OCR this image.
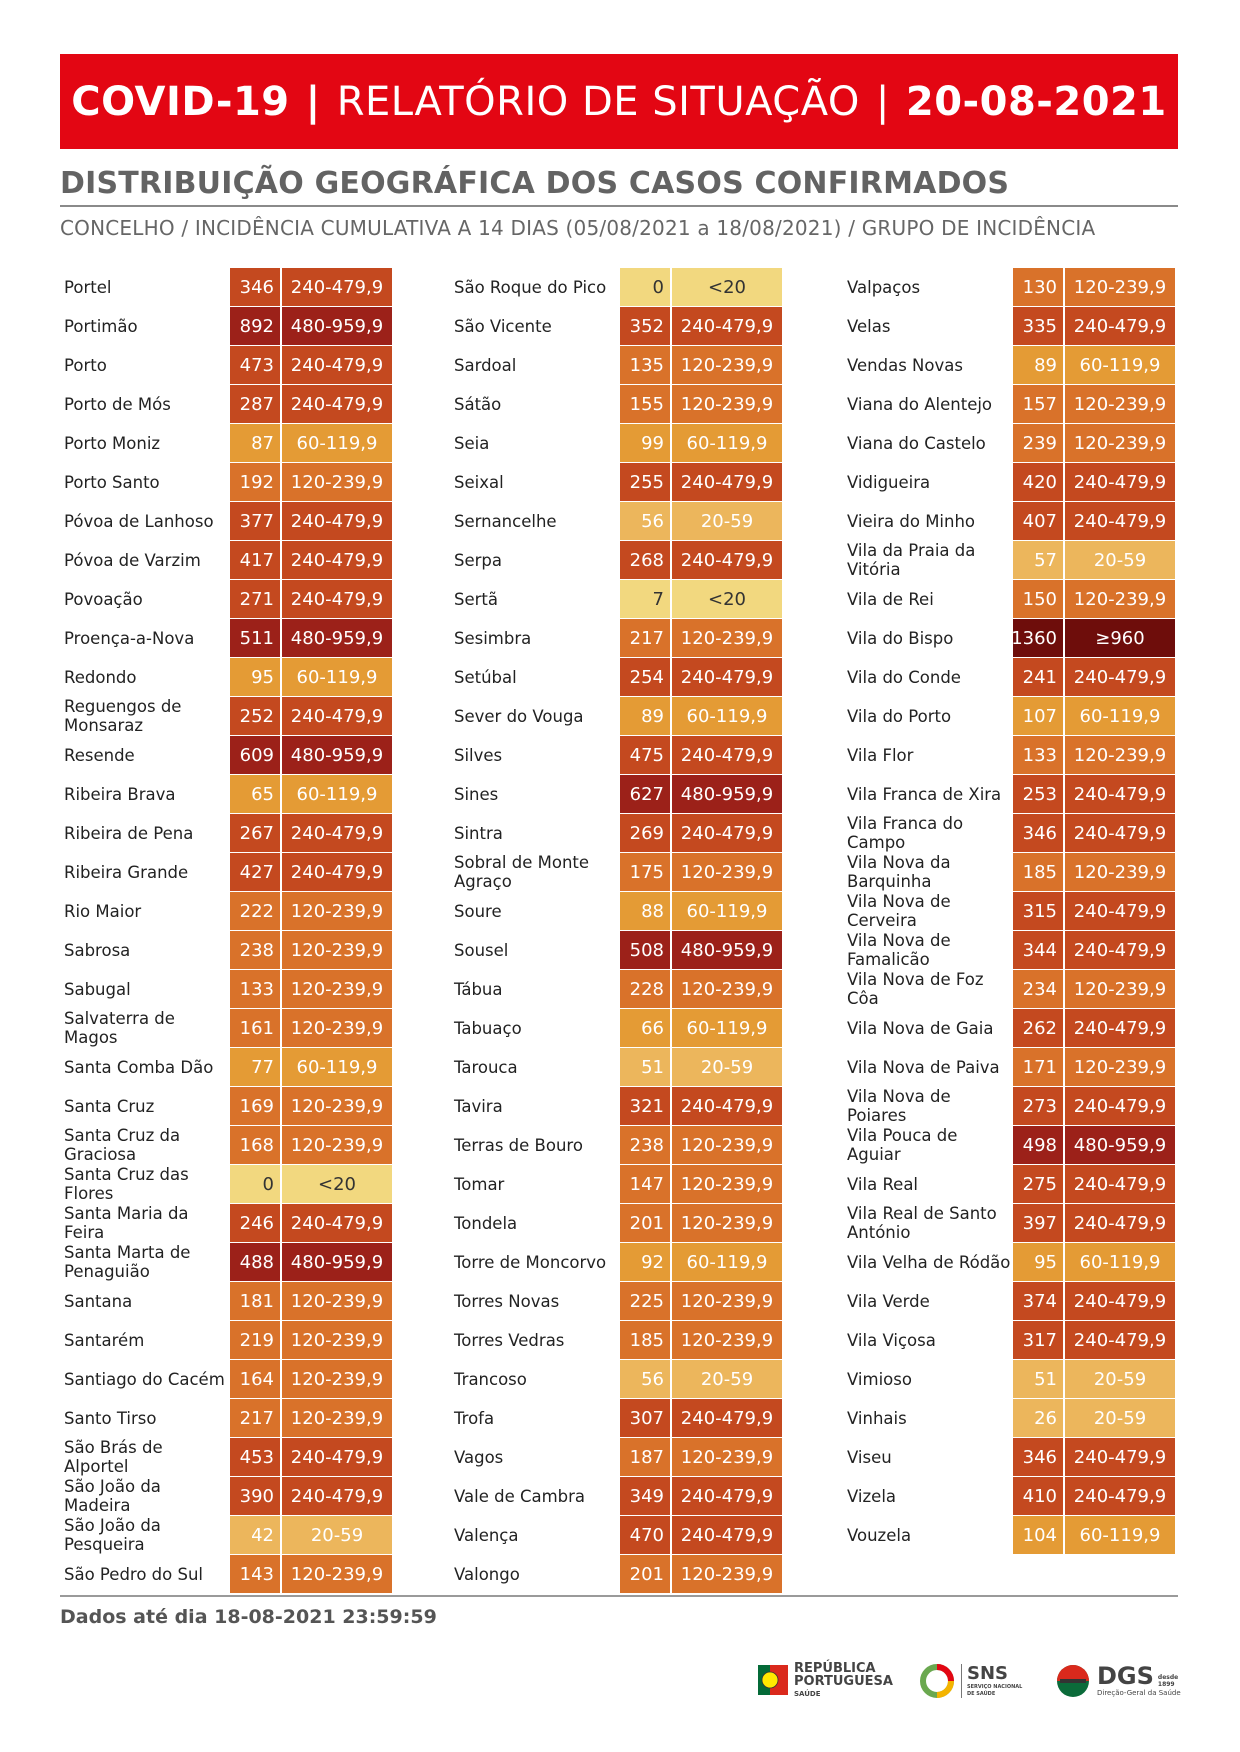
COVID-19 | RELATÓRIO DE SITUAÇÃO | 20-08-2021
DISTRIBUIÇÃO GEOGRÁFICA DOS CASOS CONFIRMADOS
CONCELHO / INCIDÊNCIA CUMULATIVA A 14 DIAS (05/08/2021 a 18/08/2021) / GRUPO DE INCIDÊNCIA
Portel	346 240-479,9
Portimão	892 480-959,9
Porto	473 240-479,9
Porto de Mós	287 240-479,9
Porto Moniz	87	60-119,9
Porto Santo	192 120-239,9
Póvoa de Lanhoso	377 240-479,9
Póvoa de Varzim	417 240-479,9
Povoação	271 240-479,9
Proença-a-Nova	511 480-959,9
Redondo	95	60-119,9
Reguengos de Monsaraz	252 240-479,9
Resende	609 480-959,9
Ribeira Brava	65	60-119,9
Ribeira de Pena	267 240-479,9
Ribeira Grande	427 240-479,9
Rio Maior	222 120-239,9
Sabrosa	238 120-239,9
Sabugal	133 120-239,9
Salvaterra de Magos	161 120-239,9
Santa Comba Dão	77	60-119,9
Santa Cruz	169 120-239,9
Santa Cruz da Graciosa	168 120-239,9
Santa Cruz das Flores	0	<20
Santa Maria da Feira	246 240-479,9
Santa Marta de Penaguião	488 480-959,9
Santana	181 120-239,9
Santarém	219 120-239,9
Santiago do Cacém 164 120-239,9
Santo Tirso	217 120-239,9
São Brás de Alportel	453 240-479,9
São João da Madeira	390 240-479,9
São João da Pesqueira	42	20-59
São Pedro do Sul	143 120-239,9
São Roque do Pico	0	<20
São Vicente	352 240-479,9
Sardoal	135 120-239,9
Sátão	155 120-239,9
Seia	99	60-119,9
Seixal	255 240-479,9
Sernancelhe	56	20-59
Serpa	268 240-479,9
Sertã	7	<20
Sesimbra	217 120-239,9
Setúbal	254 240-479,9
Sever do Vouga	89	60-119,9
Silves	475 240-479,9
Sines	627 480-959,9
Sintra	269 240-479,9
Sobral de Monte Agraço	175 120-239,9
Soure	88	60-119,9
Sousel	508 480-959,9
Tábua	228 120-239,9
Tabuaço	66	60-119,9
Tarouca	51	20-59
Tavira	321 240-479,9
Terras de Bouro	238 120-239,9
Tomar	147 120-239,9
Tondela	201 120-239,9
Torre de Moncorvo	92	60-119,9
Torres Novas	225 120-239,9
Torres Vedras	185 120-239,9
Trancoso	56	20-59
Trofa	307 240-479,9
Vagos	187 120-239,9
Vale de Cambra	349 240-479,9
Valença	470 240-479,9
Valongo	201 120-239,9
Valpaços	130 120-239,9
Velas	335 240-479,9
Vendas Novas	89	60-119,9
Viana do Alentejo	157 120-239,9
Viana do Castelo	239 120-239,9
Vidigueira	420 240-479,9
Vieira do Minho	407 240-479,9
Vila da Praia da Vitória	57	20-59
Vila de Rei	150 120-239,9
Vila do Bispo	1360	≥960
Vila do Conde	241 240-479,9
Vila do Porto	107	60-119,9
Vila Flor	133 120-239,9
Vila Franca de Xira	253 240-479,9
Vila Franca do Campo	346 240-479,9
Vila Nova da Barquinha	185 120-239,9
Vila Nova de Cerveira	315 240-479,9
Vila Nova de Famalicão	344 240-479,9
Vila Nova de Foz Côa	234 120-239,9
Vila Nova de Gaia	262 240-479,9
Vila Nova de Paiva	171 120-239,9
Vila Nova de Poiares	273 240-479,9
Vila Pouca de Aguiar	498 480-959,9
Vila Real	275 240-479,9
Vila Real de Santo António	397 240-479,9
Vila Velha de Ródão	95	60-119,9
Vila Verde	374 240-479,9
Vila Viçosa	317 240-479,9
Vimioso	51	20-59
Vinhais	26	20-59
Viseu	346 240-479,9
Vizela	410 240-479,9
Vouzela	104	60-119,9
Dados até dia 18-08-2021 23:59:59
REPÚBLICA
PORTUGUESA
SAÚDE
SNS
SERVIÇO NACIONAL DE SAÚDE
DGS desde 1899
Direção-Geral da Saúde
